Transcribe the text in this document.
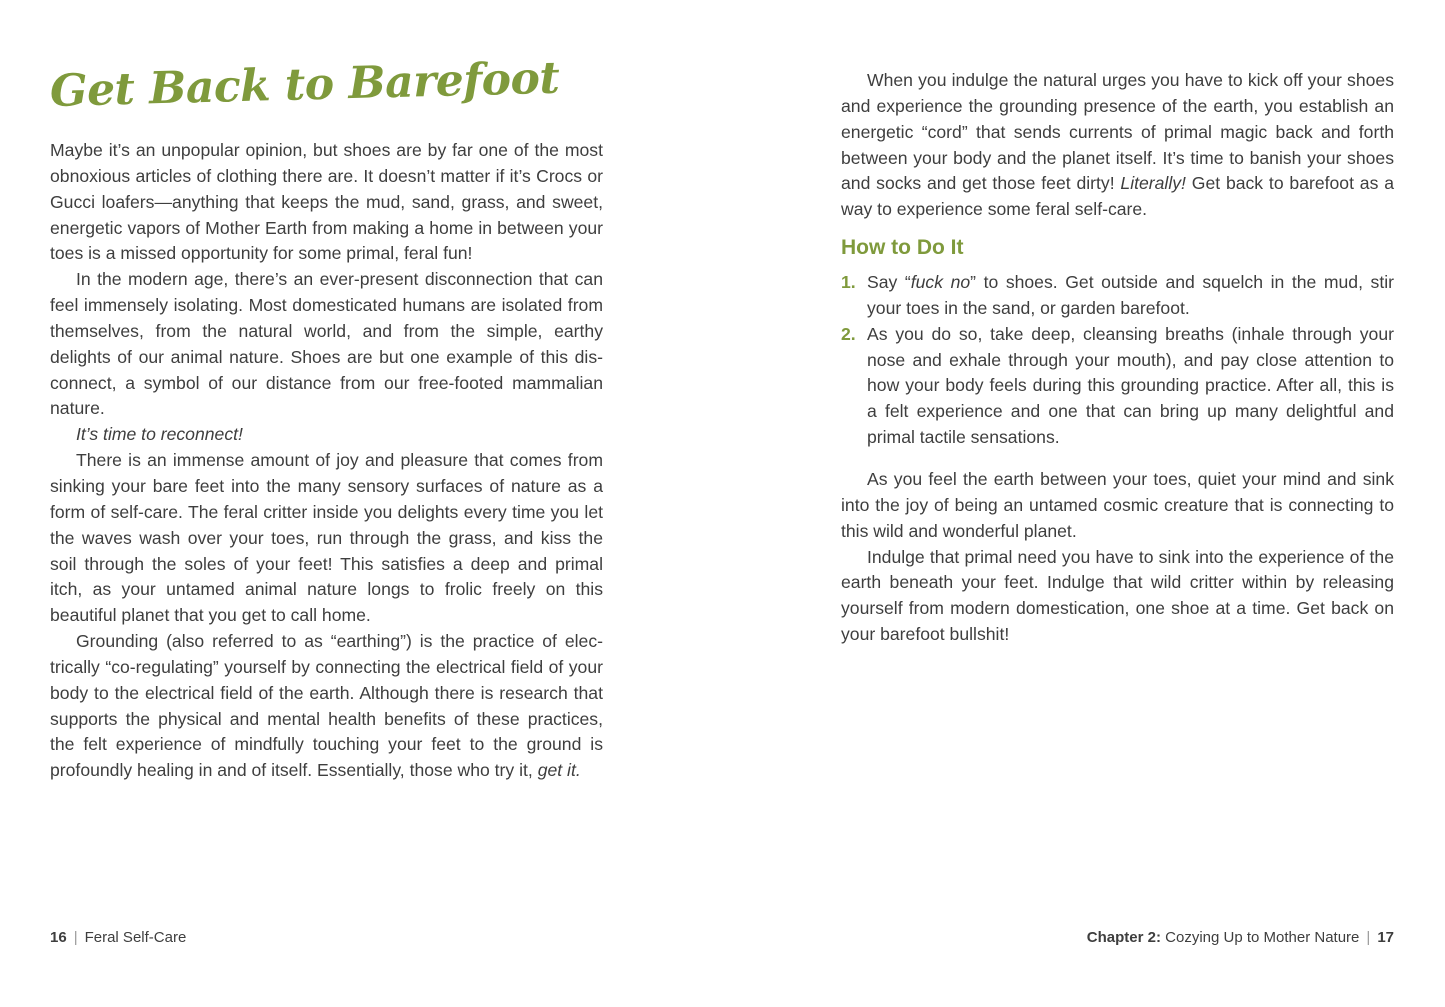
Get Back to Barefoot

Maybe it’s an unpopular opinion, but shoes are by far one of the most obnoxious articles of clothing there are. It doesn’t matter if it’s Crocs or Gucci loafers—anything that keeps the mud, sand, grass, and sweet, energetic vapors of Mother Earth from making a home in between your toes is a missed opportunity for some primal, feral fun!

In the modern age, there’s an ever-present disconnection that can feel immensely isolating. Most domesticated humans are isolated from themselves, from the natural world, and from the simple, earthy delights of our animal nature. Shoes are but one example of this disconnect, a symbol of our distance from our free-footed mammalian nature.

It’s time to reconnect!

There is an immense amount of joy and pleasure that comes from sinking your bare feet into the many sensory surfaces of nature as a form of self-care. The feral critter inside you delights every time you let the waves wash over your toes, run through the grass, and kiss the soil through the soles of your feet! This satisfies a deep and primal itch, as your untamed animal nature longs to frolic freely on this beautiful planet that you get to call home.

Grounding (also referred to as “earthing”) is the practice of electrically “co-regulating” yourself by connecting the electrical field of your body to the electrical field of the earth. Although there is research that supports the physical and mental health benefits of these practices, the felt experience of mindfully touching your feet to the ground is profoundly healing in and of itself. Essentially, those who try it, get it.

When you indulge the natural urges you have to kick off your shoes and experience the grounding presence of the earth, you establish an energetic “cord” that sends currents of primal magic back and forth between your body and the planet itself. It’s time to banish your shoes and socks and get those feet dirty! Literally! Get back to barefoot as a way to experience some feral self-care.

How to Do It
1. Say “fuck no” to shoes. Get outside and squelch in the mud, stir your toes in the sand, or garden barefoot.
2. As you do so, take deep, cleansing breaths (inhale through your nose and exhale through your mouth), and pay close attention to how your body feels during this grounding practice. After all, this is a felt experience and one that can bring up many delightful and primal tactile sensations.

As you feel the earth between your toes, quiet your mind and sink into the joy of being an untamed cosmic creature that is connecting to this wild and wonderful planet.

Indulge that primal need you have to sink into the experience of the earth beneath your feet. Indulge that wild critter within by releasing yourself from modern domestication, one shoe at a time. Get back on your barefoot bullshit!

16 | Feral Self-Care	Chapter 2: Cozying Up to Mother Nature | 17
